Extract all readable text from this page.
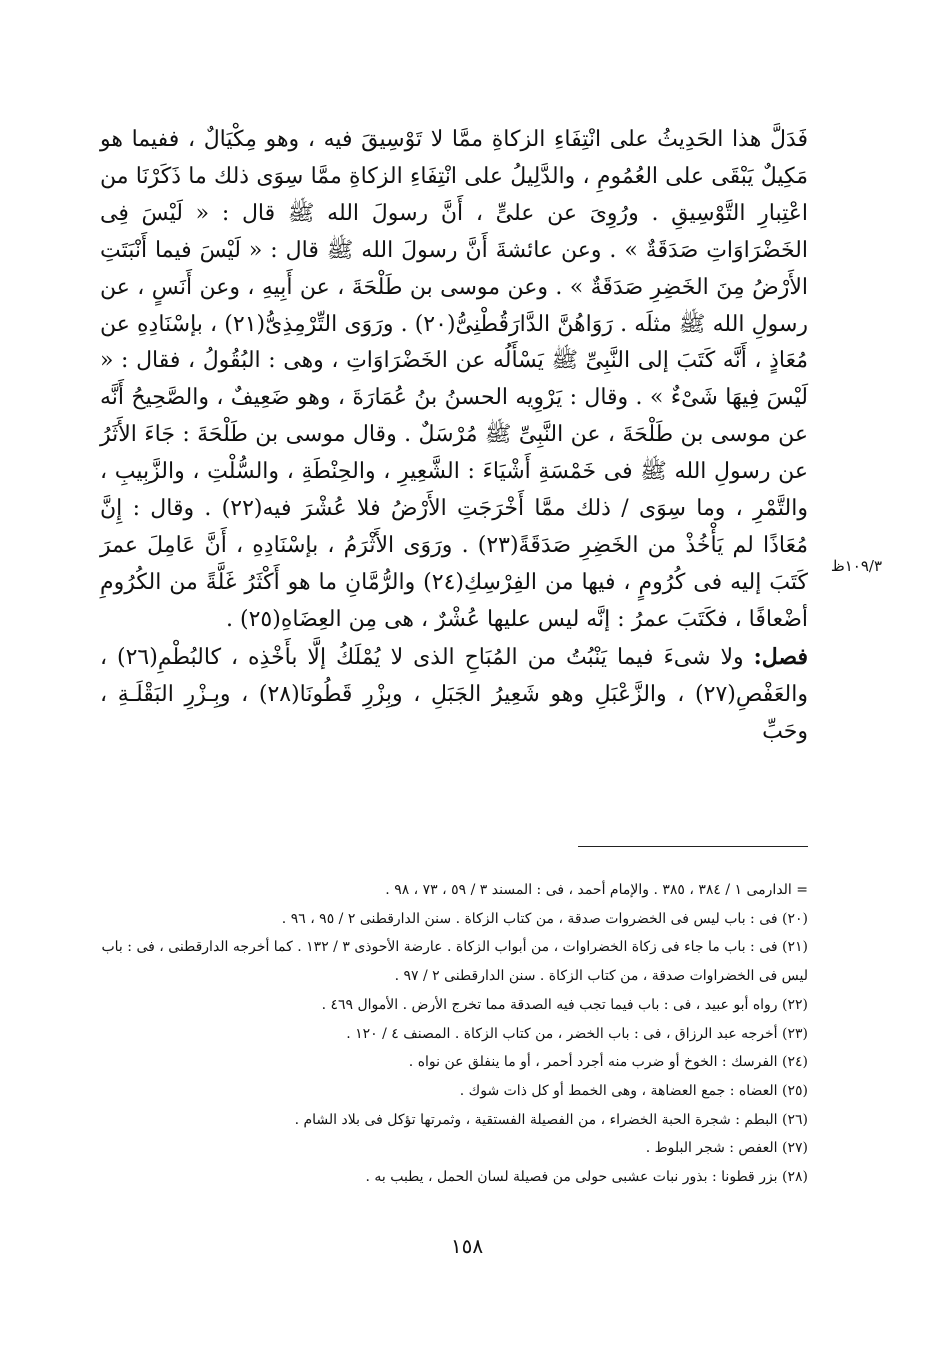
١٠٩/٣ظ

فَدَلَّ هذا الحَدِيثُ على انْتِفَاءِ الزكاةِ ممَّا لا تَوْسِيقَ فيه ، وهو مِكْيَالٌ ، ففيما هو مَكِيلٌ يَبْقَى على العُمُومِ ، والدَّلِيلُ على انْتِفَاءِ الزكاةِ ممَّا سِوَى ذلك ما ذَكَرْنَا من اعْتِبارِ التَّوْسِيقِ . ورُوِىَ عن علىٍّ ، أَنَّ رسولَ الله ﷺ قال : « لَيْسَ فِى الخَضْرَاوَاتِ صَدَقَةٌ » . وعن عائشةَ أَنَّ رسولَ الله ﷺ قال : « لَيْسَ فيما أَنْبَتَتِ الأَرْضُ مِنَ الخَضِرِ صَدَقَةٌ » . وعن موسى بن طَلْحَةَ ، عن أَبِيهِ ، وعن أَنَسٍ ، عن رسولِ الله ﷺ مثلَه . رَوَاهُنَّ الدَّارَقُطْنِىُّ(٢٠) . ورَوَى التِّرْمِذِىُّ(٢١) ، بإسْنَادِهِ عن مُعَاذٍ ، أَنَّه كَتَبَ إلى النَّبِىِّ ﷺ يَسْأَلُه عن الخَضْرَاوَاتِ ، وهى : البُقُولُ ، فقال : « لَيْسَ فِيهَا شَىْءٌ » . وقال : يَرْوِيه الحسنُ بنُ عُمَارَةَ ، وهو ضَعِيفٌ ، والصَّحِيحُ أَنَّه عن موسى بن طَلْحَةَ ، عن النَّبِىِّ ﷺ مُرْسَلٌ . وقال موسى بن طَلْحَةَ : جَاءَ الأَثَرُ عن رسولِ الله ﷺ فى خَمْسَةِ أَشْيَاءَ : الشَّعِيرِ ، والحِنْطَةِ ، والسُّلْتِ ، والزَّبِيبِ ، والتَّمْرِ ، وما سِوَى / ذلك ممَّا أَخْرَجَتِ الأَرْضُ فلا عُشْرَ فيه(٢٢) . وقال : إِنَّ مُعَاذًا لم يَأْخُذْ من الخَضِرِ صَدَقَةً(٢٣) . ورَوَى الأَثْرَمُ ، بإسْنَادِهِ ، أَنَّ عَامِلَ عمرَ كَتَبَ إليه فى كُرُومٍ ، فيها من الفِرْسِكِ(٢٤) والرُّمَّانِ ما هو أَكْثَرُ غَلَّةً من الكُرُومِ أضْعافًا ، فكَتَبَ عمرُ : إنَّه ليس عليها عُشْرٌ ، هى مِن العِضَاهِ(٢٥) .

فصل: ولا شىءَ فيما يَنْبُتُ من المُبَاحِ الذى لا يُمْلَكُ إلَّا بأَخْذِه ، كالبُطْمِ(٢٦) ، والعَفْصِ(٢٧) ، والزَّعْبَلِ وهو شَعِيرُ الجَبَلِ ، وبِزْرِ قَطُونَا(٢٨) ، وبِـزْرِ البَقْلَـةِ ، وحَبِّ

= الدارمى ١ / ٣٨٤ ، ٣٨٥ . والإمام أحمد ، فى : المسند ٣ / ٥٩ ، ٧٣ ، ٩٨ .

(٢٠) فى : باب ليس فى الخضروات صدقة ، من كتاب الزكاة . سنن الدارقطنى ٢ / ٩٥ ، ٩٦ .

(٢١) فى : باب ما جاء فى زكاة الخضراوات ، من أبواب الزكاة . عارضة الأحوذى ٣ / ١٣٢ . كما أخرجه الدارقطنى ، فى : باب ليس فى الخضراوات صدقة ، من كتاب الزكاة . سنن الدارقطنى ٢ / ٩٧ .

(٢٢) رواه أبو عبيد ، فى : باب فيما تجب فيه الصدقة مما تخرج الأرض . الأموال ٤٦٩ .

(٢٣) أخرجه عبد الرزاق ، فى : باب الخضر ، من كتاب الزكاة . المصنف ٤ / ١٢٠ .

(٢٤) الفرسك : الخوخ أو ضرب منه أجرد أحمر ، أو ما ينفلق عن نواه .

(٢٥) العضاه : جمع العضاهة ، وهى الخمط أو كل ذات شوك .

(٢٦) البطم : شجرة الحبة الخضراء ، من الفصيلة الفستقية ، وثمرتها تؤكل فى بلاد الشام .

(٢٧) العفص : شجر البلوط .

(٢٨) بزر قطونا : بذور نبات عشبى حولى من فصيلة لسان الحمل ، يطبب به .

١٥٨
